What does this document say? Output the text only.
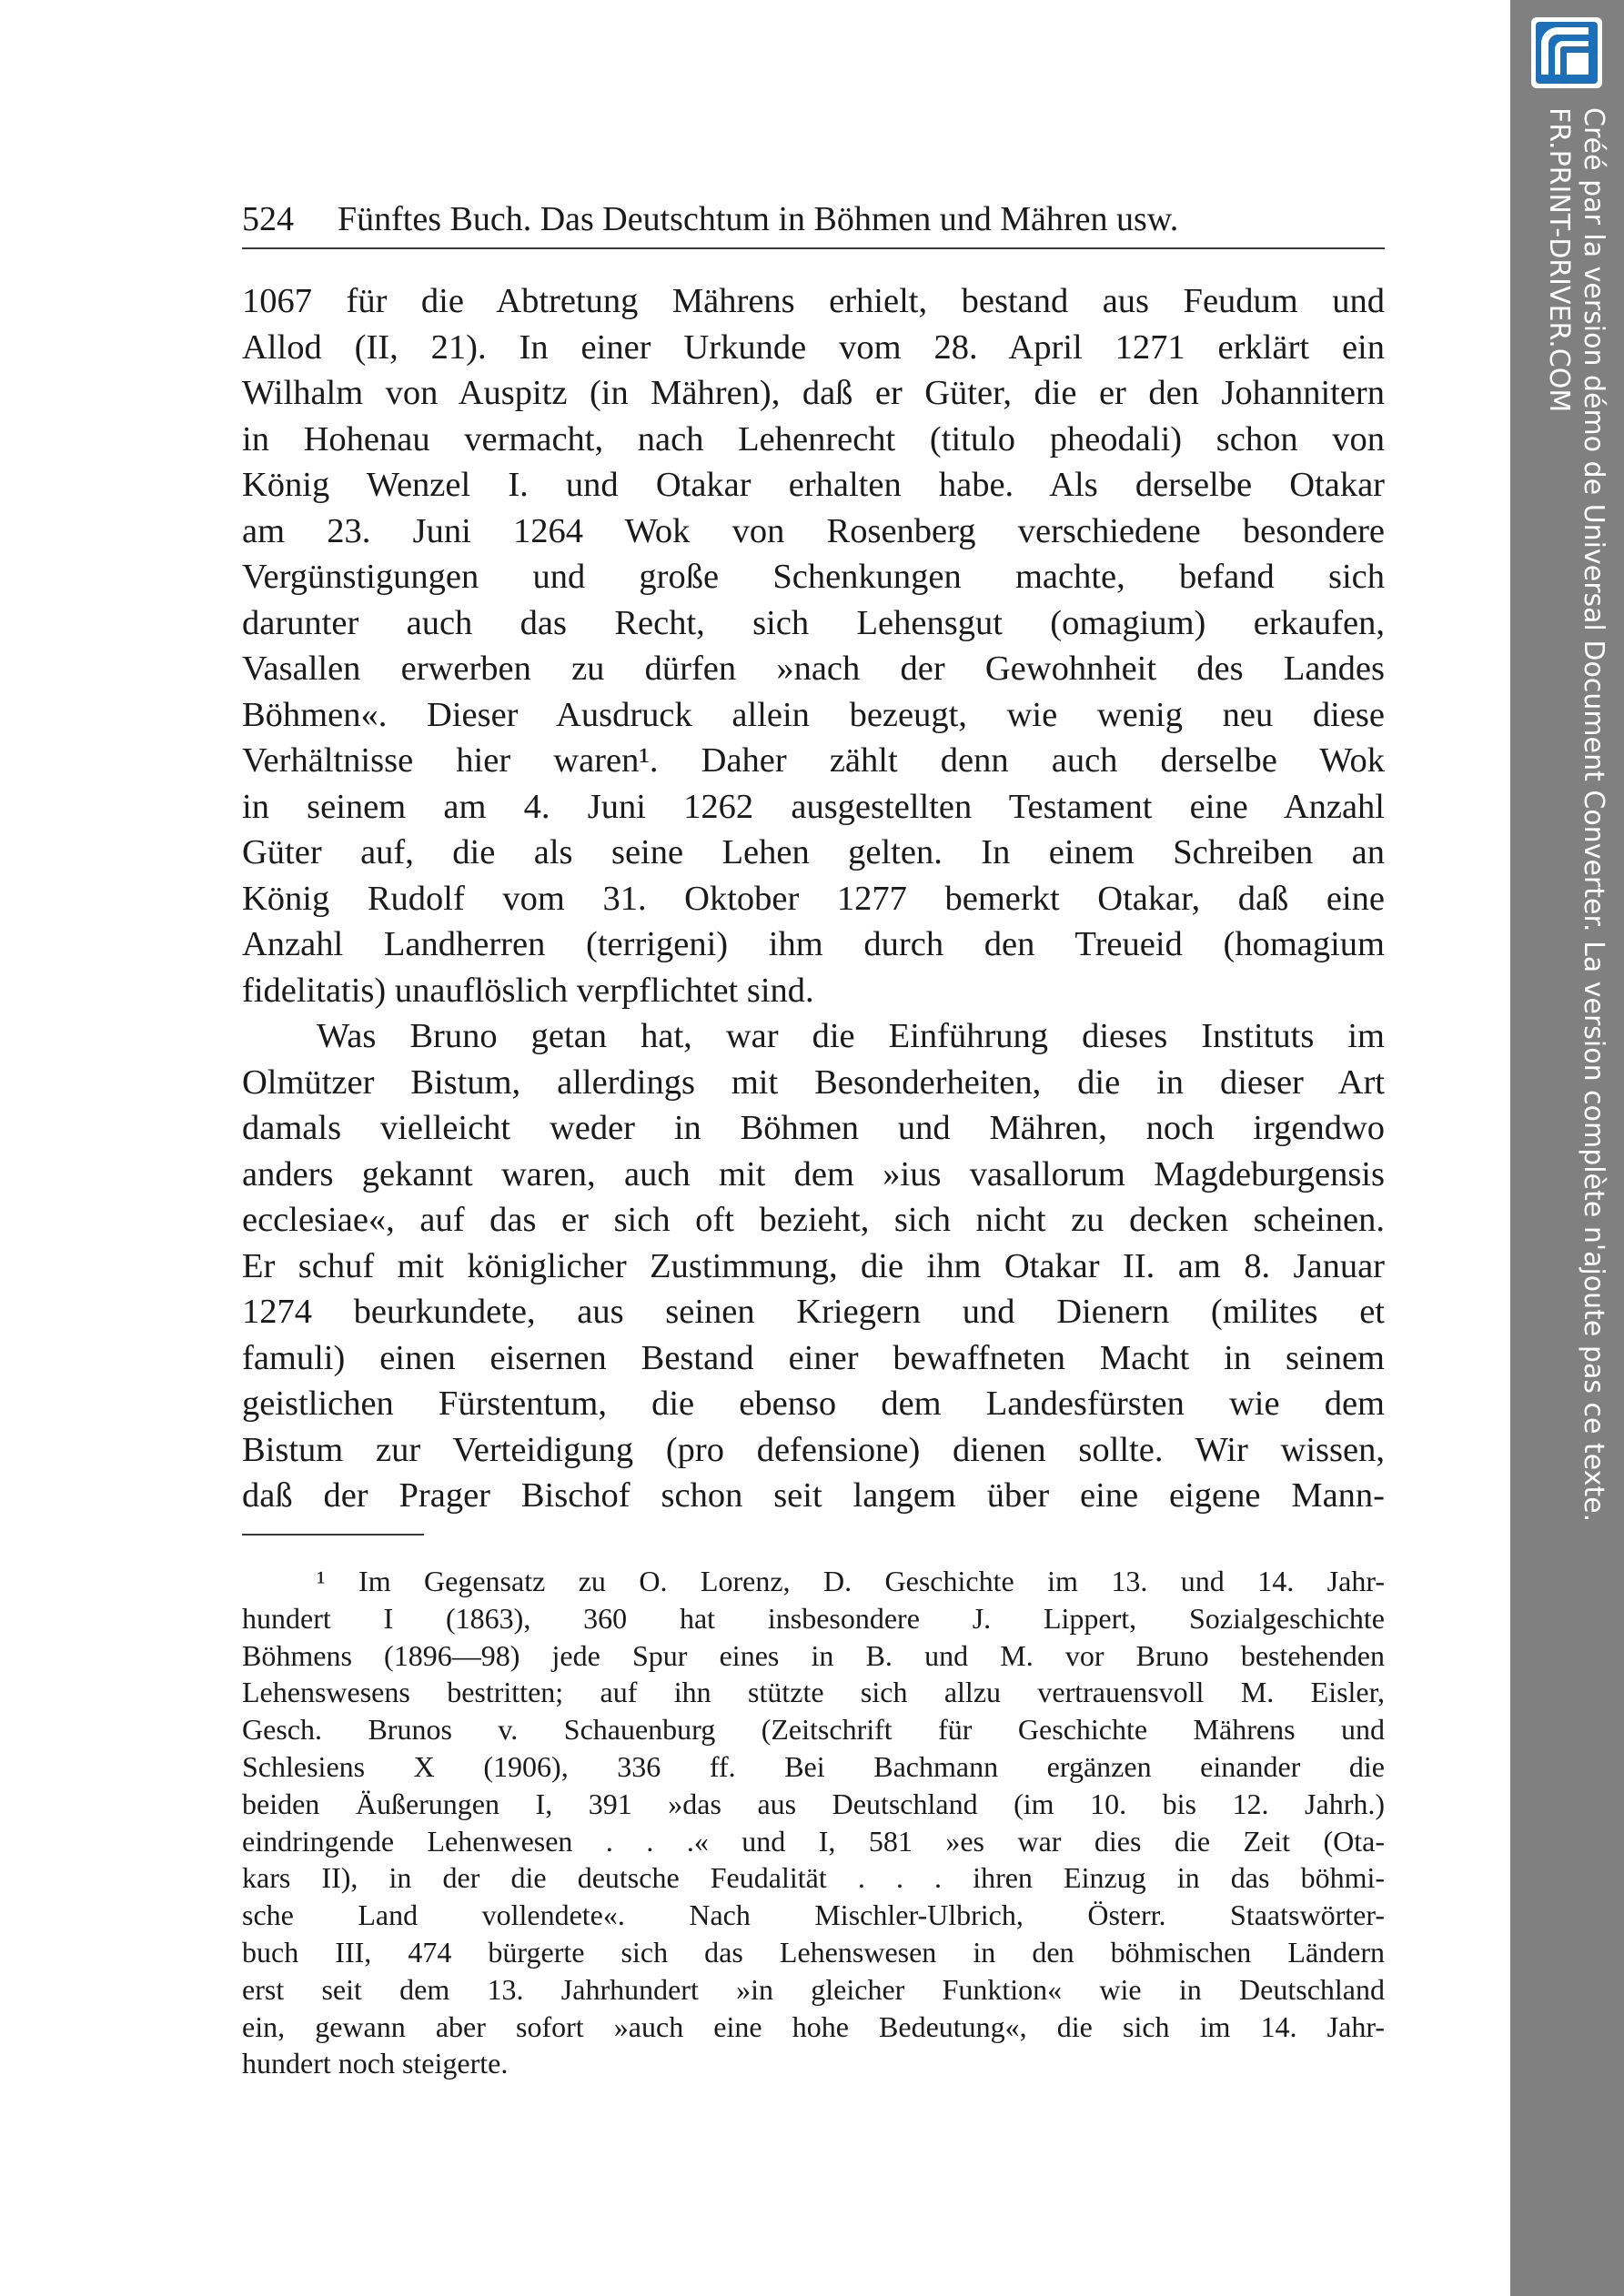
524 Fünftes Buch. Das Deutschtum in Böhmen und Mähren usw.
1067 für die Abtretung Mährens erhielt, bestand aus Feudum und
Allod (II, 21). In einer Urkunde vom 28. April 1271 erklärt ein
Wilhalm von Auspitz (in Mähren), daß er Güter, die er den Johannitern
in Hohenau vermacht, nach Lehenrecht (titulo pheodali) schon von
König Wenzel I. und Otakar erhalten habe. Als derselbe Otakar
am 23. Juni 1264 Wok von Rosenberg verschiedene besondere
Vergünstigungen und große Schenkungen machte, befand sich
darunter auch das Recht, sich Lehensgut (omagium) erkaufen,
Vasallen erwerben zu dürfen »nach der Gewohnheit des Landes
Böhmen«. Dieser Ausdruck allein bezeugt, wie wenig neu diese
Verhältnisse hier waren¹. Daher zählt denn auch derselbe Wok
in seinem am 4. Juni 1262 ausgestellten Testament eine Anzahl
Güter auf, die als seine Lehen gelten. In einem Schreiben an
König Rudolf vom 31. Oktober 1277 bemerkt Otakar, daß eine
Anzahl Landherren (terrigeni) ihm durch den Treueid (homagium
fidelitatis) unauflöslich verpflichtet sind.
Was Bruno getan hat, war die Einführung dieses Instituts im
Olmützer Bistum, allerdings mit Besonderheiten, die in dieser Art
damals vielleicht weder in Böhmen und Mähren, noch irgendwo
anders gekannt waren, auch mit dem »ius vasallorum Magdeburgensis
ecclesiae«, auf das er sich oft bezieht, sich nicht zu decken scheinen.
Er schuf mit königlicher Zustimmung, die ihm Otakar II. am 8. Januar
1274 beurkundete, aus seinen Kriegern und Dienern (milites et
famuli) einen eisernen Bestand einer bewaffneten Macht in seinem
geistlichen Fürstentum, die ebenso dem Landesfürsten wie dem
Bistum zur Verteidigung (pro defensione) dienen sollte. Wir wissen,
daß der Prager Bischof schon seit langem über eine eigene Mann-
¹ Im Gegensatz zu O. Lorenz, D. Geschichte im 13. und 14. Jahr-
hundert I (1863), 360 hat insbesondere J. Lippert, Sozialgeschichte
Böhmens (1896—98) jede Spur eines in B. und M. vor Bruno bestehenden
Lehenswesens bestritten; auf ihn stützte sich allzu vertrauensvoll M. Eisler,
Gesch. Brunos v. Schauenburg (Zeitschrift für Geschichte Mährens und
Schlesiens X (1906), 336 ff. Bei Bachmann ergänzen einander die
beiden Äußerungen I, 391 »das aus Deutschland (im 10. bis 12. Jahrh.)
eindringende Lehenwesen . . .« und I, 581 »es war dies die Zeit (Ota-
kars II), in der die deutsche Feudalität . . . ihren Einzug in das böhmi-
sche Land vollendete«. Nach Mischler-Ulbrich, Österr. Staatswörter-
buch III, 474 bürgerte sich das Lehenswesen in den böhmischen Ländern
erst seit dem 13. Jahrhundert »in gleicher Funktion« wie in Deutschland
ein, gewann aber sofort »auch eine hohe Bedeutung«, die sich im 14. Jahr-
hundert noch steigerte.
Créé par la version démo de Universal Document Converter. La version complète n'ajoute pas ce texte.
FR.PRINT-DRIVER.COM
